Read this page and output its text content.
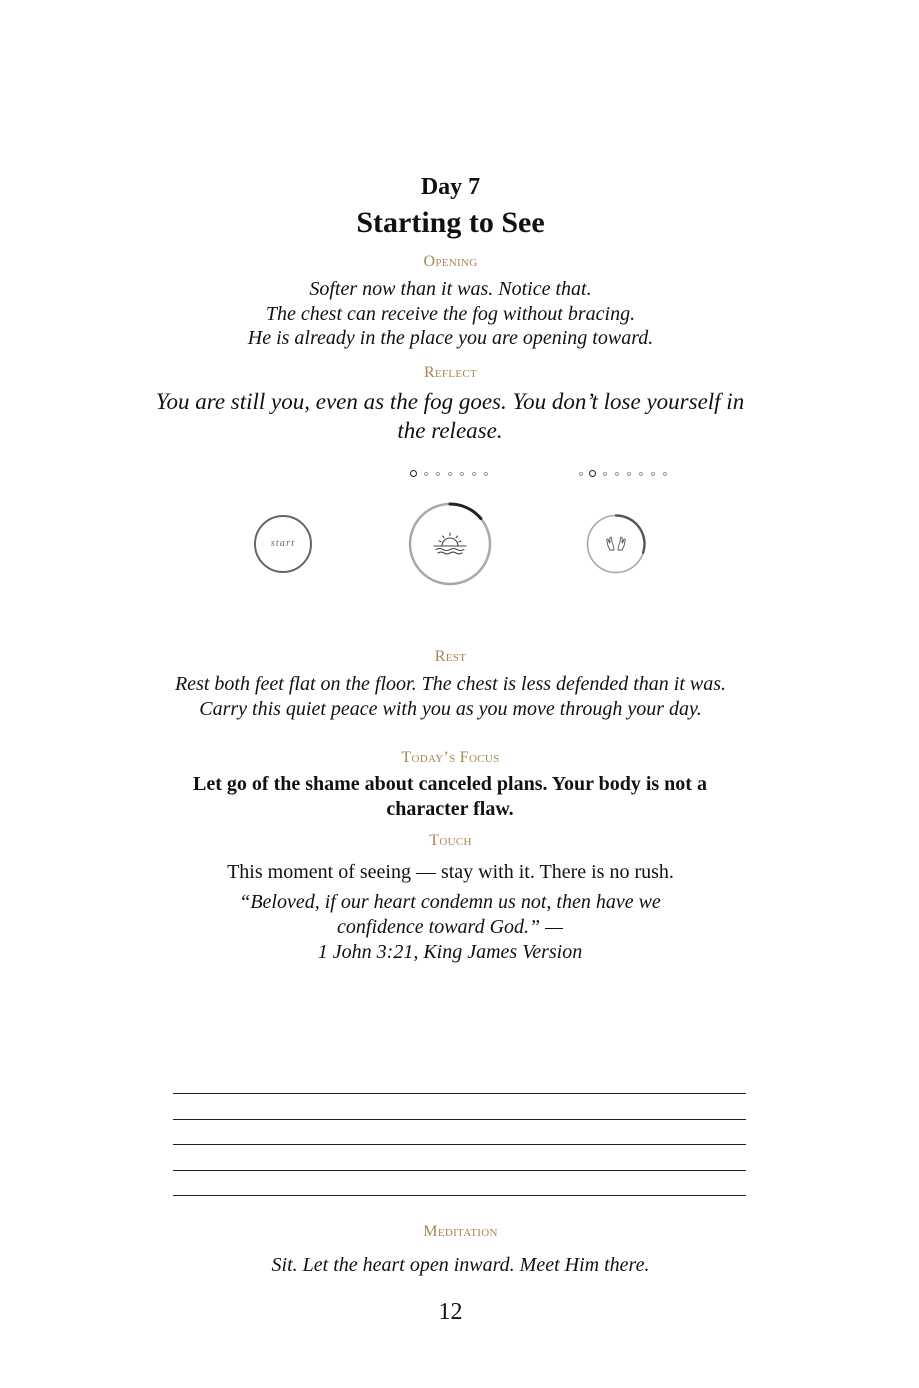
Day 7
Starting to See
Opening
Softer now than it was. Notice that.
The chest can receive the fog without bracing.
He is already in the place you are opening toward.
Reflect
You are still you, even as the fog goes. You don’t lose yourself in the release.
start
Rest
Rest both feet flat on the floor. The chest is less defended than it was.
Carry this quiet peace with you as you move through your day.
Today’s Focus
Let go of the shame about canceled plans. Your body is not a character flaw.
Touch
This moment of seeing — stay with it. There is no rush.
“Beloved, if our heart condemn us not, then have we
confidence toward God.” —
1 John 3:21, King James Version
Meditation
Sit. Let the heart open inward. Meet Him there.
12
